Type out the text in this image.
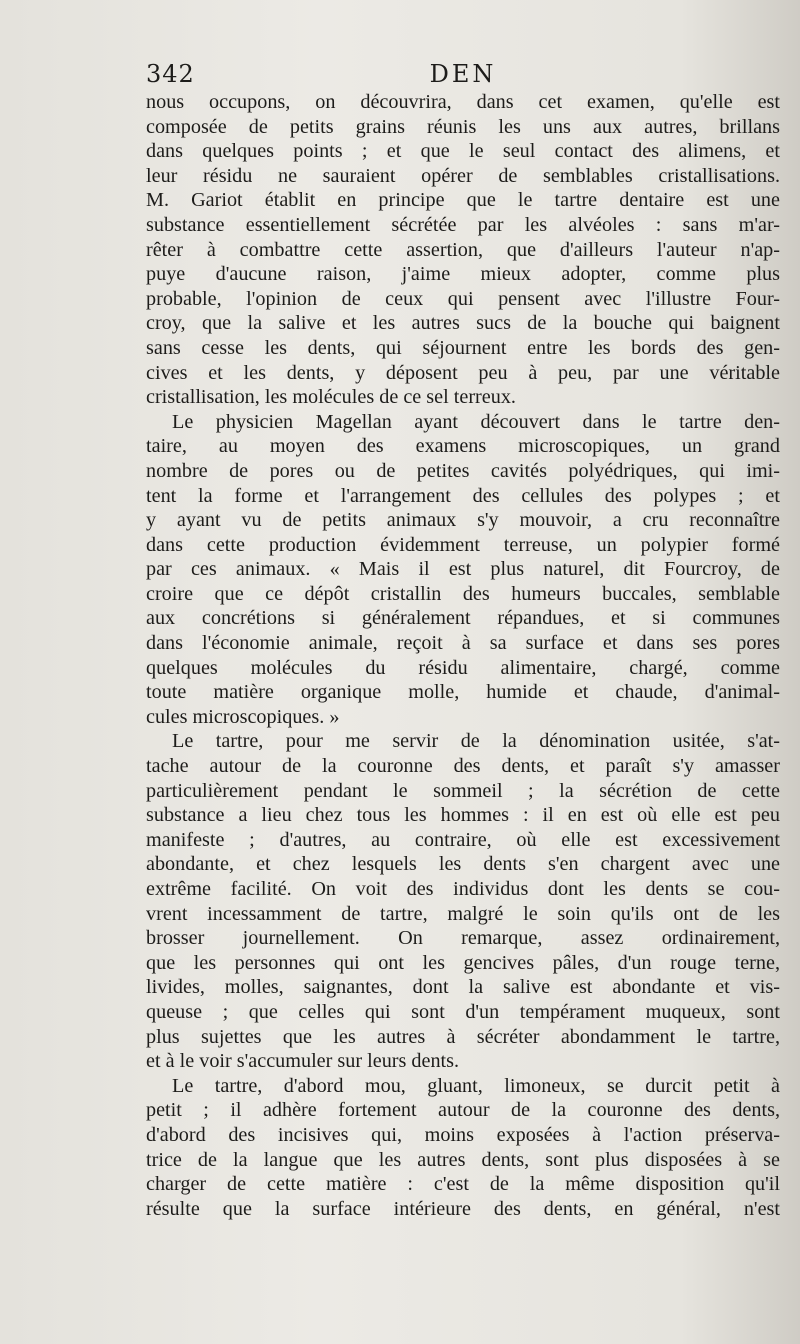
342	DEN
nous occupons, on découvrira, dans cet examen, qu'elle est
composée de petits grains réunis les uns aux autres, brillans
dans quelques points ; et que le seul contact des alimens, et
leur résidu ne sauraient opérer de semblables cristallisations.
M. Gariot établit en principe que le tartre dentaire est une
substance essentiellement sécrétée par les alvéoles : sans m'ar-
rêter à combattre cette assertion, que d'ailleurs l'auteur n'ap-
puye d'aucune raison, j'aime mieux adopter, comme plus
probable, l'opinion de ceux qui pensent avec l'illustre Four-
croy, que la salive et les autres sucs de la bouche qui baignent
sans cesse les dents, qui séjournent entre les bords des gen-
cives et les dents, y déposent peu à peu, par une véritable
cristallisation, les molécules de ce sel terreux.
Le physicien Magellan ayant découvert dans le tartre den-
taire, au moyen des examens microscopiques, un grand
nombre de pores ou de petites cavités polyédriques, qui imi-
tent la forme et l'arrangement des cellules des polypes ; et
y ayant vu de petits animaux s'y mouvoir, a cru reconnaître
dans cette production évidemment terreuse, un polypier formé
par ces animaux. « Mais il est plus naturel, dit Fourcroy, de
croire que ce dépôt cristallin des humeurs buccales, semblable
aux concrétions si généralement répandues, et si communes
dans l'économie animale, reçoit à sa surface et dans ses pores
quelques molécules du résidu alimentaire, chargé, comme
toute matière organique molle, humide et chaude, d'animal-
cules microscopiques. »
Le tartre, pour me servir de la dénomination usitée, s'at-
tache autour de la couronne des dents, et paraît s'y amasser
particulièrement pendant le sommeil ; la sécrétion de cette
substance a lieu chez tous les hommes : il en est où elle est peu
manifeste ; d'autres, au contraire, où elle est excessivement
abondante, et chez lesquels les dents s'en chargent avec une
extrême facilité. On voit des individus dont les dents se cou-
vrent incessamment de tartre, malgré le soin qu'ils ont de les
brosser journellement. On remarque, assez ordinairement,
que les personnes qui ont les gencives pâles, d'un rouge terne,
livides, molles, saignantes, dont la salive est abondante et vis-
queuse ; que celles qui sont d'un tempérament muqueux, sont
plus sujettes que les autres à sécréter abondamment le tartre,
et à le voir s'accumuler sur leurs dents.
Le tartre, d'abord mou, gluant, limoneux, se durcit petit à
petit ; il adhère fortement autour de la couronne des dents,
d'abord des incisives qui, moins exposées à l'action préserva-
trice de la langue que les autres dents, sont plus disposées à se
charger de cette matière : c'est de la même disposition qu'il
résulte que la surface intérieure des dents, en général, n'est
